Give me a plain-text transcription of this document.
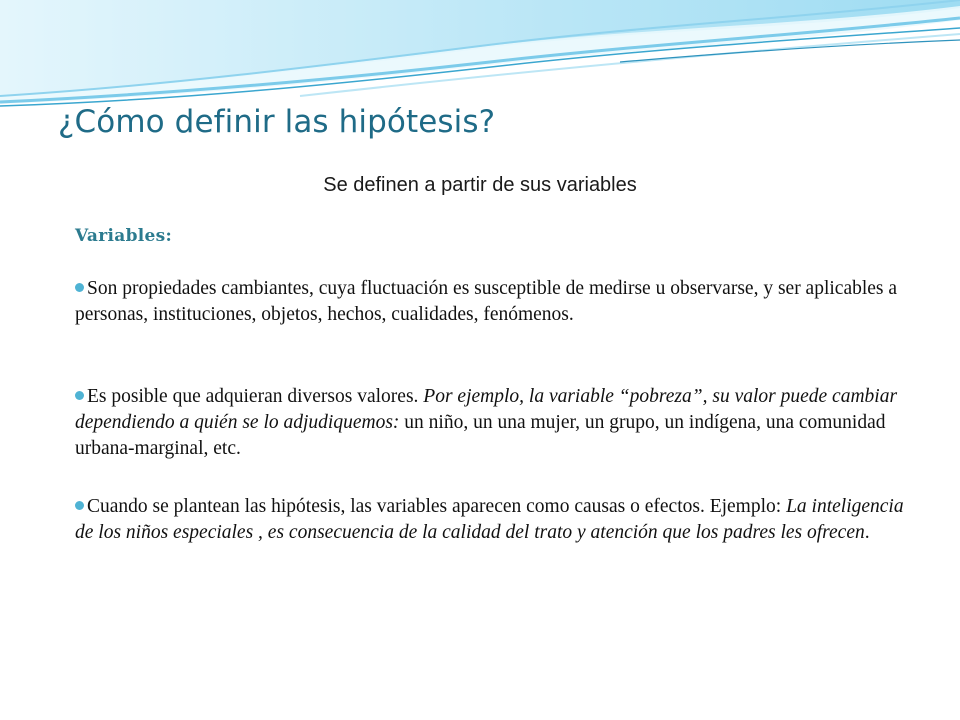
¿Cómo definir las hipótesis?
Se definen a partir de sus variables
Variables:
Son propiedades cambiantes, cuya fluctuación es susceptible de medirse u observarse, y ser aplicables a personas, instituciones, objetos, hechos, cualidades, fenómenos.
Es posible que adquieran diversos valores. Por ejemplo, la variable “pobreza”, su valor puede cambiar dependiendo a quién se lo adjudiquemos: un niño, un una mujer, un grupo, un indígena, una comunidad urbana-marginal, etc.
Cuando se plantean las hipótesis, las variables aparecen como causas o efectos. Ejemplo: La inteligencia de los niños especiales , es consecuencia de la calidad del trato y atención que los padres les ofrecen.
